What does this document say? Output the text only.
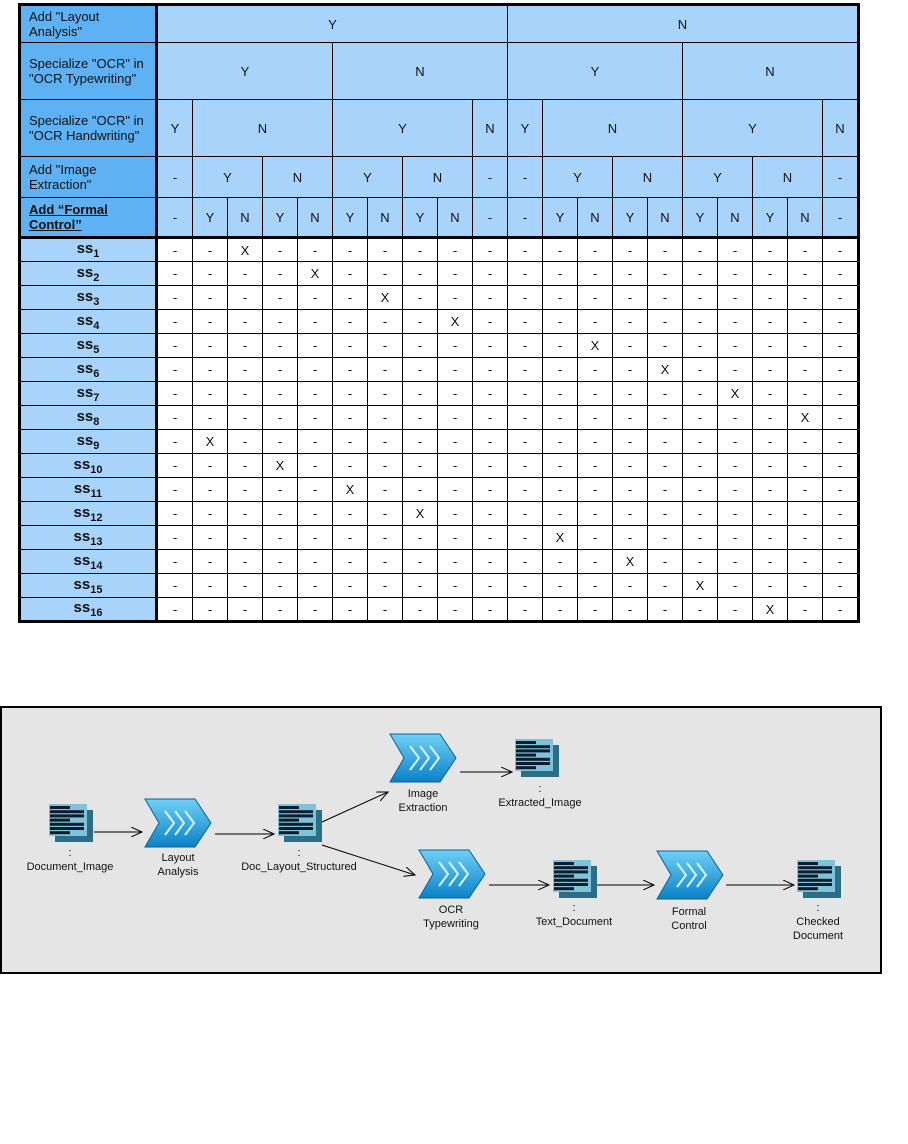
Add "Layout Analysis"	Y										N									
Specialize "OCR" in "OCR Typewriting"	Y					N					Y					N				
Specialize "OCR" in "OCR Handwriting"	Y	N				Y				N	Y	N				Y				N
Add "Image Extraction"	-	Y		N		Y		N		-	-	Y		N		Y		N		-
Add “Formal Control”	-	Y	N	Y	N	Y	N	Y	N	-	-	Y	N	Y	N	Y	N	Y	N	-
$ss_1$	-	-	X	-	-	-	-	-	-	-	-	-	-	-	-	-	-	-	-	-
$ss_2$	-	-	-	-	X	-	-	-	-	-	-	-	-	-	-	-	-	-	-	-
$ss_3$	-	-	-	-	-	-	X	-	-	-	-	-	-	-	-	-	-	-	-	-
$ss_4$	-	-	-	-	-	-	-	-	X	-	-	-	-	-	-	-	-	-	-	-
$ss_5$	-	-	-	-	-	-	-	-	-	-	-	-	X	-	-	-	-	-	-	-
$ss_6$	-	-	-	-	-	-	-	-	-	-	-	-	-	-	X	-	-	-	-	-
$ss_7$	-	-	-	-	-	-	-	-	-	-	-	-	-	-	-	-	X	-	-	-
$ss_8$	-	-	-	-	-	-	-	-	-	-	-	-	-	-	-	-	-	-	X	-
$ss_9$	-	X	-	-	-	-	-	-	-	-	-	-	-	-	-	-	-	-	-	-
$ss_{10}$	-	-	-	X	-	-	-	-	-	-	-	-	-	-	-	-	-	-	-	-
$ss_{11}$	-	-	-	-	-	X	-	-	-	-	-	-	-	-	-	-	-	-	-	-
$ss_{12}$	-	-	-	-	-	-	-	X	-	-	-	-	-	-	-	-	-	-	-	-
$ss_{13}$	-	-	-	-	-	-	-	-	-	-	-	X	-	-	-	-	-	-	-	-
$ss_{14}$	-	-	-	-	-	-	-	-	-	-	-	-	-	X	-	-	-	-	-	-
$ss_{15}$	-	-	-	-	-	-	-	-	-	-	-	-	-	-	-	X	-	-	-	-
$ss_{16}$	-	-	-	-	-	-	-	-	-	-	-	-	-	-	-	-	-	X	-	-
:
Document_Image
Layout
Analysis
:
Doc_Layout_Structured
Image
Extraction
:
Extracted_Image
OCR
Typewriting
:
Text_Document
Formal
Control
:
Checked
Document
